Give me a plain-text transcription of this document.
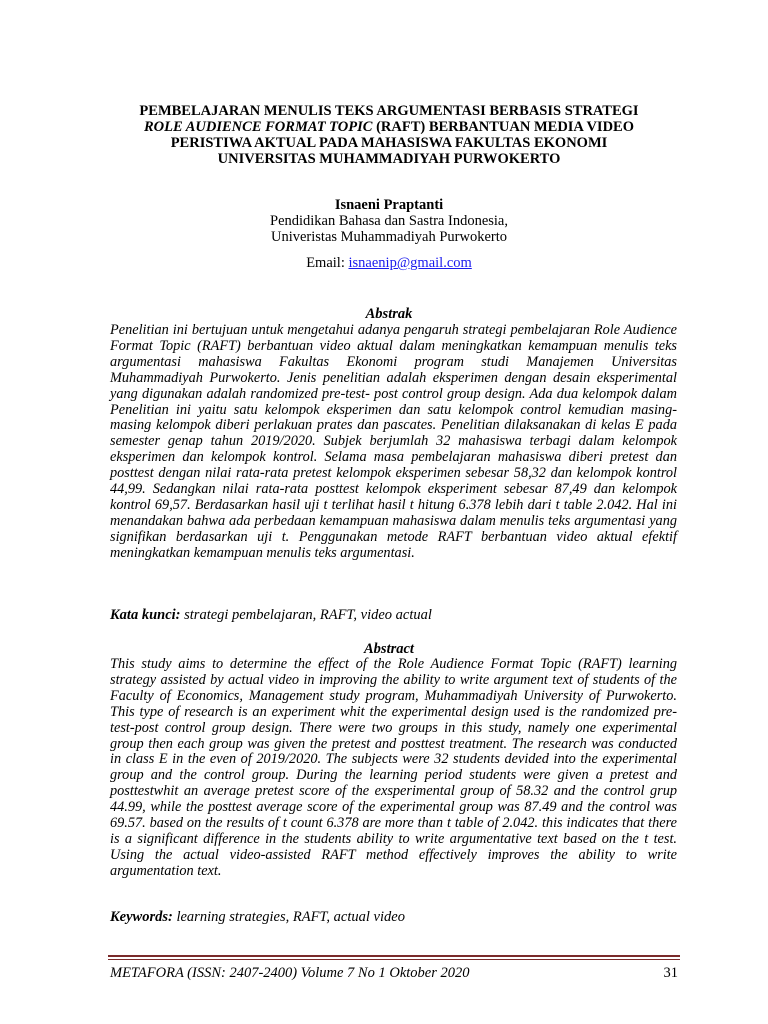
PEMBELAJARAN MENULIS TEKS ARGUMENTASI BERBASIS STRATEGI
ROLE AUDIENCE FORMAT TOPIC (RAFT) BERBANTUAN MEDIA VIDEO
PERISTIWA AKTUAL PADA MAHASISWA FAKULTAS EKONOMI
UNIVERSITAS MUHAMMADIYAH PURWOKERTO
Isnaeni Praptanti
Pendidikan Bahasa dan Sastra Indonesia,
Univeristas Muhammadiyah Purwokerto
Email: isnaenip@gmail.com
Abstrak
Penelitian ini bertujuan untuk mengetahui adanya pengaruh strategi pembelajaran Role Audience Format Topic (RAFT) berbantuan video aktual dalam meningkatkan kemampuan menulis teks argumentasi mahasiswa Fakultas Ekonomi program studi Manajemen Universitas Muhammadiyah Purwokerto. Jenis penelitian adalah eksperimen dengan desain eksperimental yang digunakan adalah randomized pre-test- post control group design. Ada dua kelompok dalam Penelitian ini yaitu satu kelompok eksperimen dan satu kelompok control kemudian masing-masing kelompok diberi perlakuan prates dan pascates. Penelitian dilaksanakan di kelas E pada semester genap tahun 2019/2020. Subjek berjumlah 32 mahasiswa terbagi dalam kelompok eksperimen dan kelompok kontrol. Selama masa pembelajaran mahasiswa diberi pretest dan posttest dengan nilai rata-rata pretest kelompok eksperimen sebesar 58,32 dan kelompok kontrol 44,99. Sedangkan nilai rata-rata posttest kelompok eksperiment sebesar 87,49 dan kelompok kontrol 69,57. Berdasarkan hasil uji t terlihat hasil t hitung 6.378 lebih dari t table 2.042. Hal ini menandakan bahwa ada perbedaan kemampuan mahasiswa dalam menulis teks argumentasi yang signifikan berdasarkan uji t. Penggunakan metode RAFT berbantuan video aktual efektif meningkatkan kemampuan menulis teks argumentasi.
Kata kunci: strategi pembelajaran, RAFT, video actual
Abstract
This study aims to determine the effect of the Role Audience Format Topic (RAFT) learning strategy assisted by actual video in improving the ability to write argument text of students of the Faculty of Economics, Management study program, Muhammadiyah University of Purwokerto. This type of research is an experiment whit the experimental design used is the randomized pre-test-post control group design. There were two groups in this study, namely one experimental group then each group was given the pretest and posttest treatment. The research was conducted in class E in the even of 2019/2020. The subjects were 32 students devided into the experimental group and the control group. During the learning period students were given a pretest and posttestwhit an average pretest score of the exsperimental group of 58.32 and the control grup 44.99, while the posttest average score of the experimental group was 87.49 and the control was 69.57. based on the results of t count 6.378 are more than t table of 2.042. this indicates that there is a significant difference in the students ability to write argumentative text based on the t test. Using the actual video-assisted RAFT method effectively improves the ability to write argumentation text.
Keywords: learning strategies, RAFT, actual video
METAFORA (ISSN: 2407-2400) Volume 7 No 1 Oktober 2020	31
